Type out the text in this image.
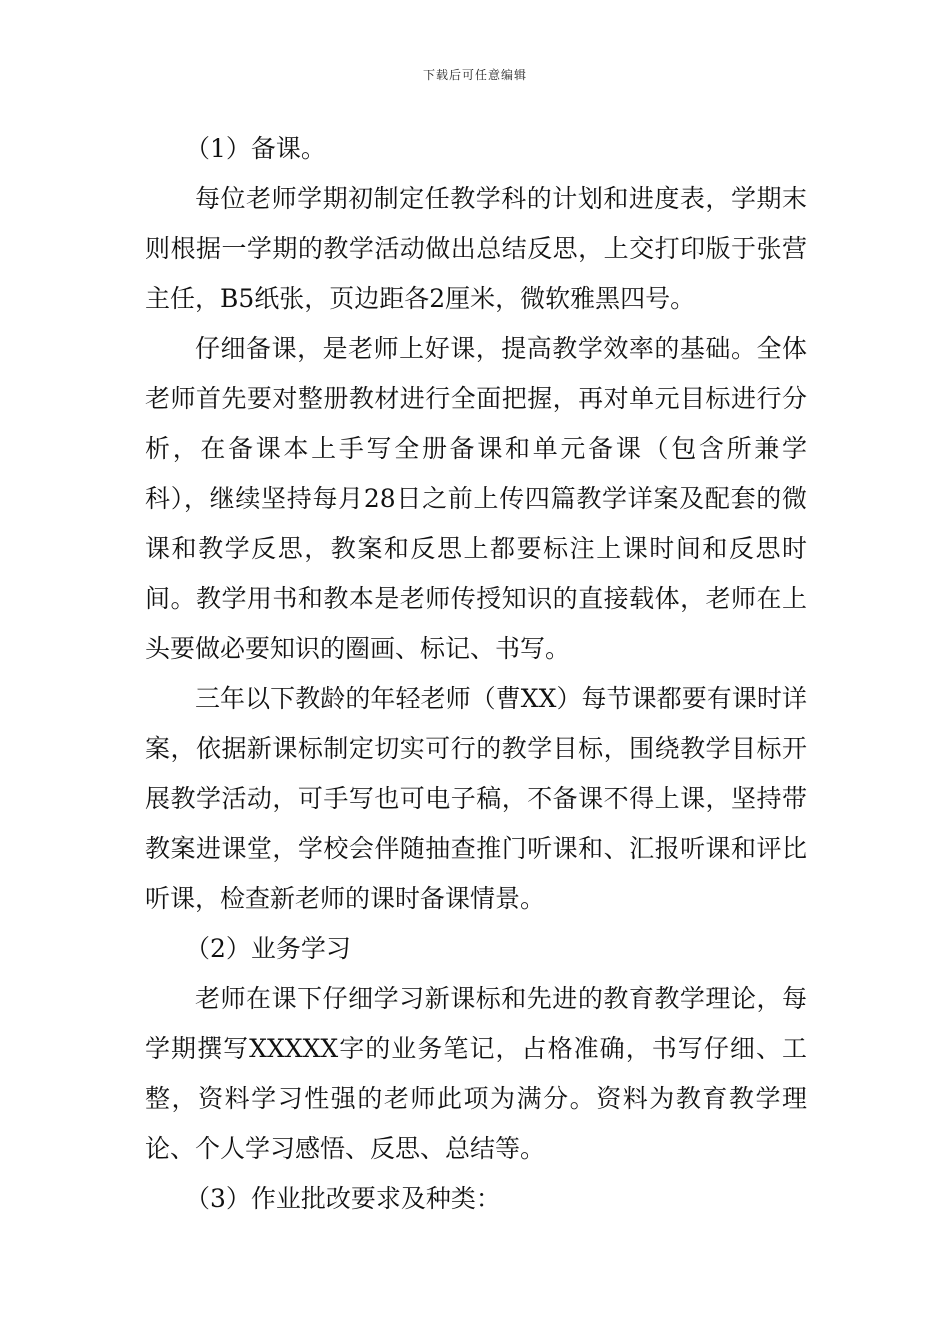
下载后可任意编辑

（1）备课。

每位老师学期初制定任教学科的计划和进度表，学期末则根据一学期的教学活动做出总结反思，上交打印版于张营主任，B5纸张，页边距各2厘米，微软雅黑四号。

仔细备课，是老师上好课，提高教学效率的基础。全体老师首先要对整册教材进行全面把握，再对单元目标进行分析，在备课本上手写全册备课和单元备课（包含所兼学科），继续坚持每月28日之前上传四篇教学详案及配套的微课和教学反思，教案和反思上都要标注上课时间和反思时间。教学用书和教本是老师传授知识的直接载体，老师在上头要做必要知识的圈画、标记、书写。

三年以下教龄的年轻老师（曹XX）每节课都要有课时详案，依据新课标制定切实可行的教学目标，围绕教学目标开展教学活动，可手写也可电子稿，不备课不得上课，坚持带教案进课堂，学校会伴随抽查推门听课和、汇报听课和评比听课，检查新老师的课时备课情景。

（2）业务学习

老师在课下仔细学习新课标和先进的教育教学理论，每学期撰写XXXXX字的业务笔记，占格准确，书写仔细、工整，资料学习性强的老师此项为满分。资料为教育教学理论、个人学习感悟、反思、总结等。

（3）作业批改要求及种类：
